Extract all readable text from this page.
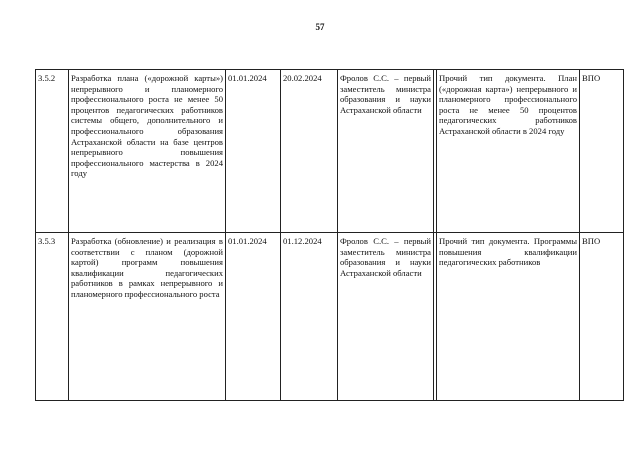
57
3.5.2	Разработка плана («дорожной карты») непрерывного и планомерного профессионального роста не менее 50 процентов педагогических работников системы общего, дополнительного и профессионального образования Астраханской области на базе центров непрерывного повышения профессионального мастерства в 2024 году	01.01.2024	20.02.2024	Фролов С.С. – первый заместитель министра образования и науки Астраханской области		Прочий тип документа. План («дорожная карта») непрерывного и планомерного профессионального роста не менее 50 процентов педагогических работников Астраханской области в 2024 году	ВПО
3.5.3	Разработка (обновление) и реализация в соответствии с планом (дорожной картой) программ повышения квалификации педагогических работников в рамках непрерывного и планомерного профессионального роста	01.01.2024	01.12.2024	Фролов С.С. – первый заместитель министра образования и науки Астраханской области		Прочий тип документа. Программы повышения квалификации педагогических работников	ВПО
